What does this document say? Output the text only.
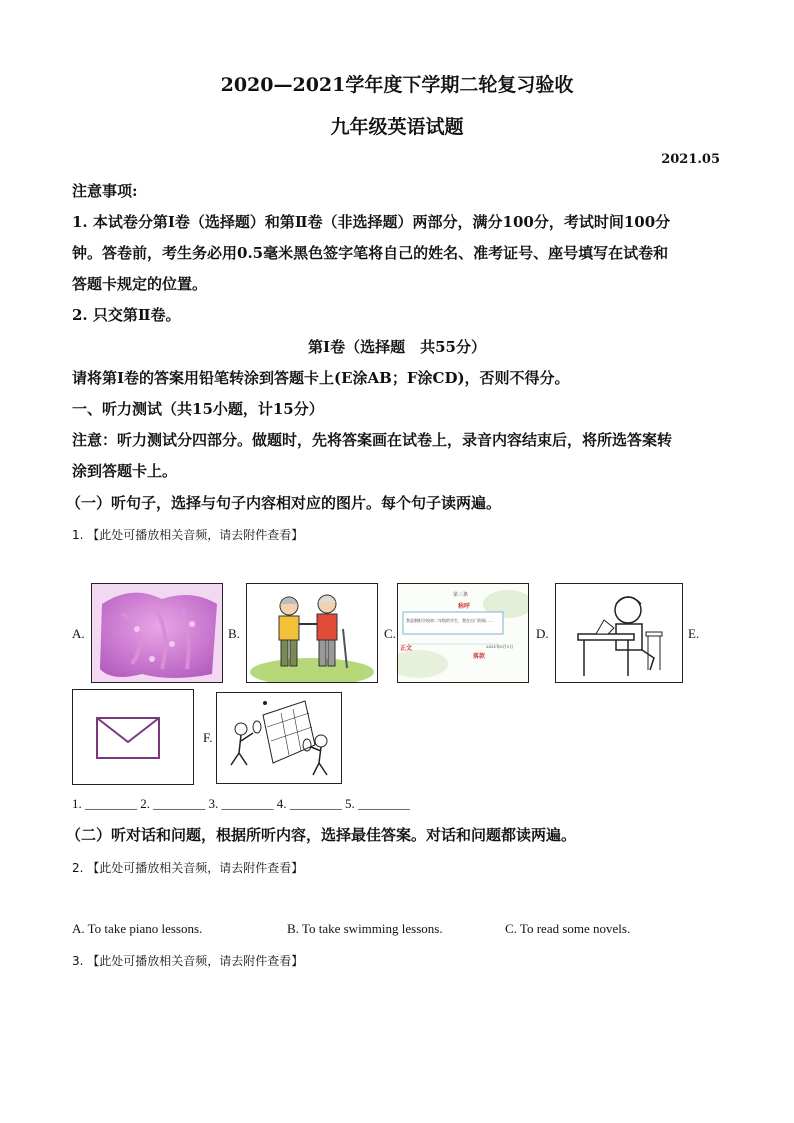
2020—2021学年度下学期二轮复习验收
九年级英语试题
2021.05
注意事项:
1. 本试卷分第Ⅰ卷（选择题）和第Ⅱ卷（非选择题）两部分，满分100分，考试时间100分
钟。答卷前，考生务必用0.5毫米黑色签字笔将自己的姓名、准考证号、座号填写在试卷和
答题卡规定的位置。
2. 只交第Ⅱ卷。
第Ⅰ卷（选择题　共55分）
请将第Ⅰ卷的答案用铅笔转涂到答题卡上(E涂AB；F涂CD)，否则不得分。
一、听力测试（共15小题，计15分）
注意：听力测试分四部分。做题时，先将答案画在试卷上，录音内容结束后，将所选答案转
涂到答题卡上。
（一）听句子，选择与句子内容相对应的图片。每个句子读两遍。
1. 【此处可播放相关音频，请去附件查看】
A.	B.	C.
第三条
称呼
我是朝阳学校初二年级的学生，我在出门时候……
正文
落款
2021年5月1日
D.	E.
F.
1. ________ 2. ________ 3. ________ 4. ________ 5. ________
（二）听对话和问题，根据所听内容，选择最佳答案。对话和问题都读两遍。
2. 【此处可播放相关音频，请去附件查看】
A. To take piano lessons.	B. To take swimming lessons.	C. To read some novels.
3. 【此处可播放相关音频，请去附件查看】
